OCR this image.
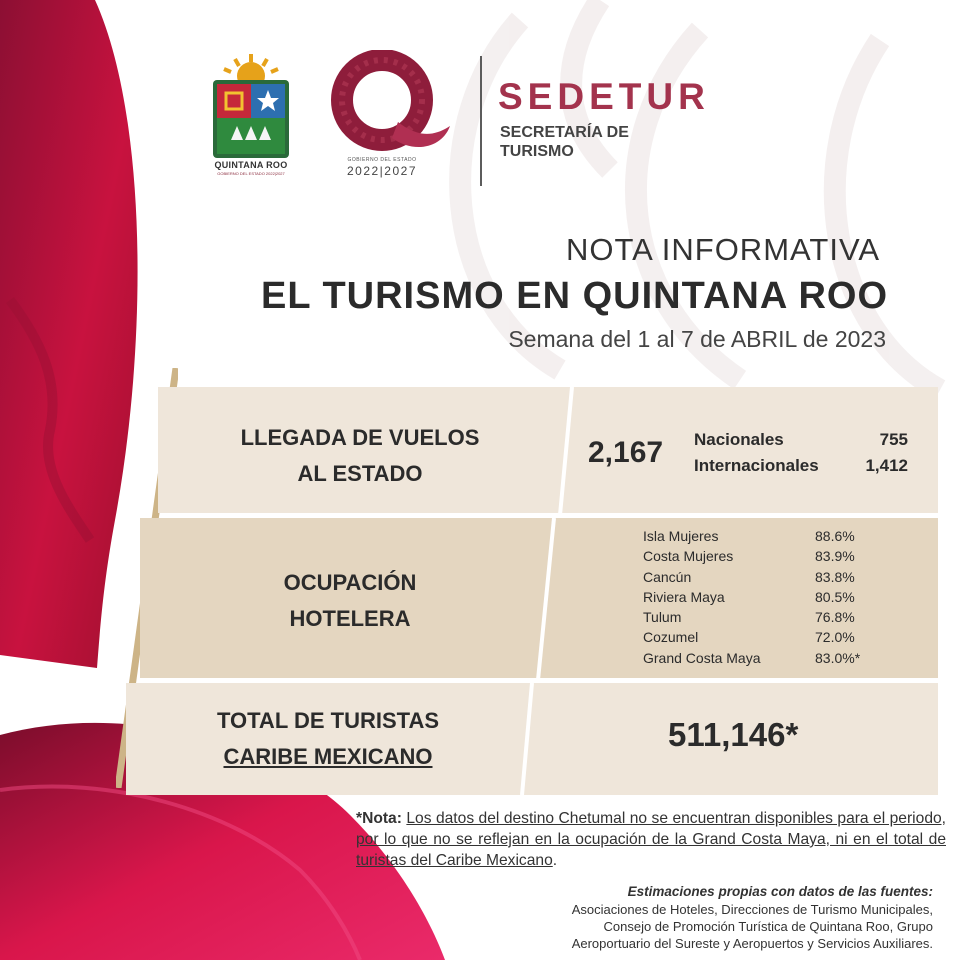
QUINTANA ROO
GOBIERNO DEL ESTADO 2022|2027
GOBIERNO DEL ESTADO
2022|2027
SEDETUR
SECRETARÍA DE TURISMO
NOTA INFORMATIVA
EL TURISMO EN QUINTANA ROO
Semana del 1 al 7 de ABRIL de 2023
LLEGADA DE VUELOS
AL ESTADO
2,167 Nacionales	755
Internacionales	1,412
OCUPACIÓN
HOTELERA
Isla Mujeres	88.6%
Costa Mujeres	83.9%
Cancún	83.8%
Riviera Maya	80.5%
Tulum	76.8%
Cozumel	72.0%
Grand Costa Maya	83.0%*
TOTAL DE TURISTAS
CARIBE MEXICANO
511,146*
*Nota: Los datos del destino Chetumal no se encuentran disponibles para el periodo, por lo que no se reflejan en la ocupación de la Grand Costa Maya, ni en el total de turistas del Caribe Mexicano.
Estimaciones propias con datos de las fuentes:
Asociaciones de Hoteles, Direcciones de Turismo Municipales,
Consejo de Promoción Turística de Quintana Roo, Grupo
Aeroportuario del Sureste y Aeropuertos y Servicios Auxiliares.
